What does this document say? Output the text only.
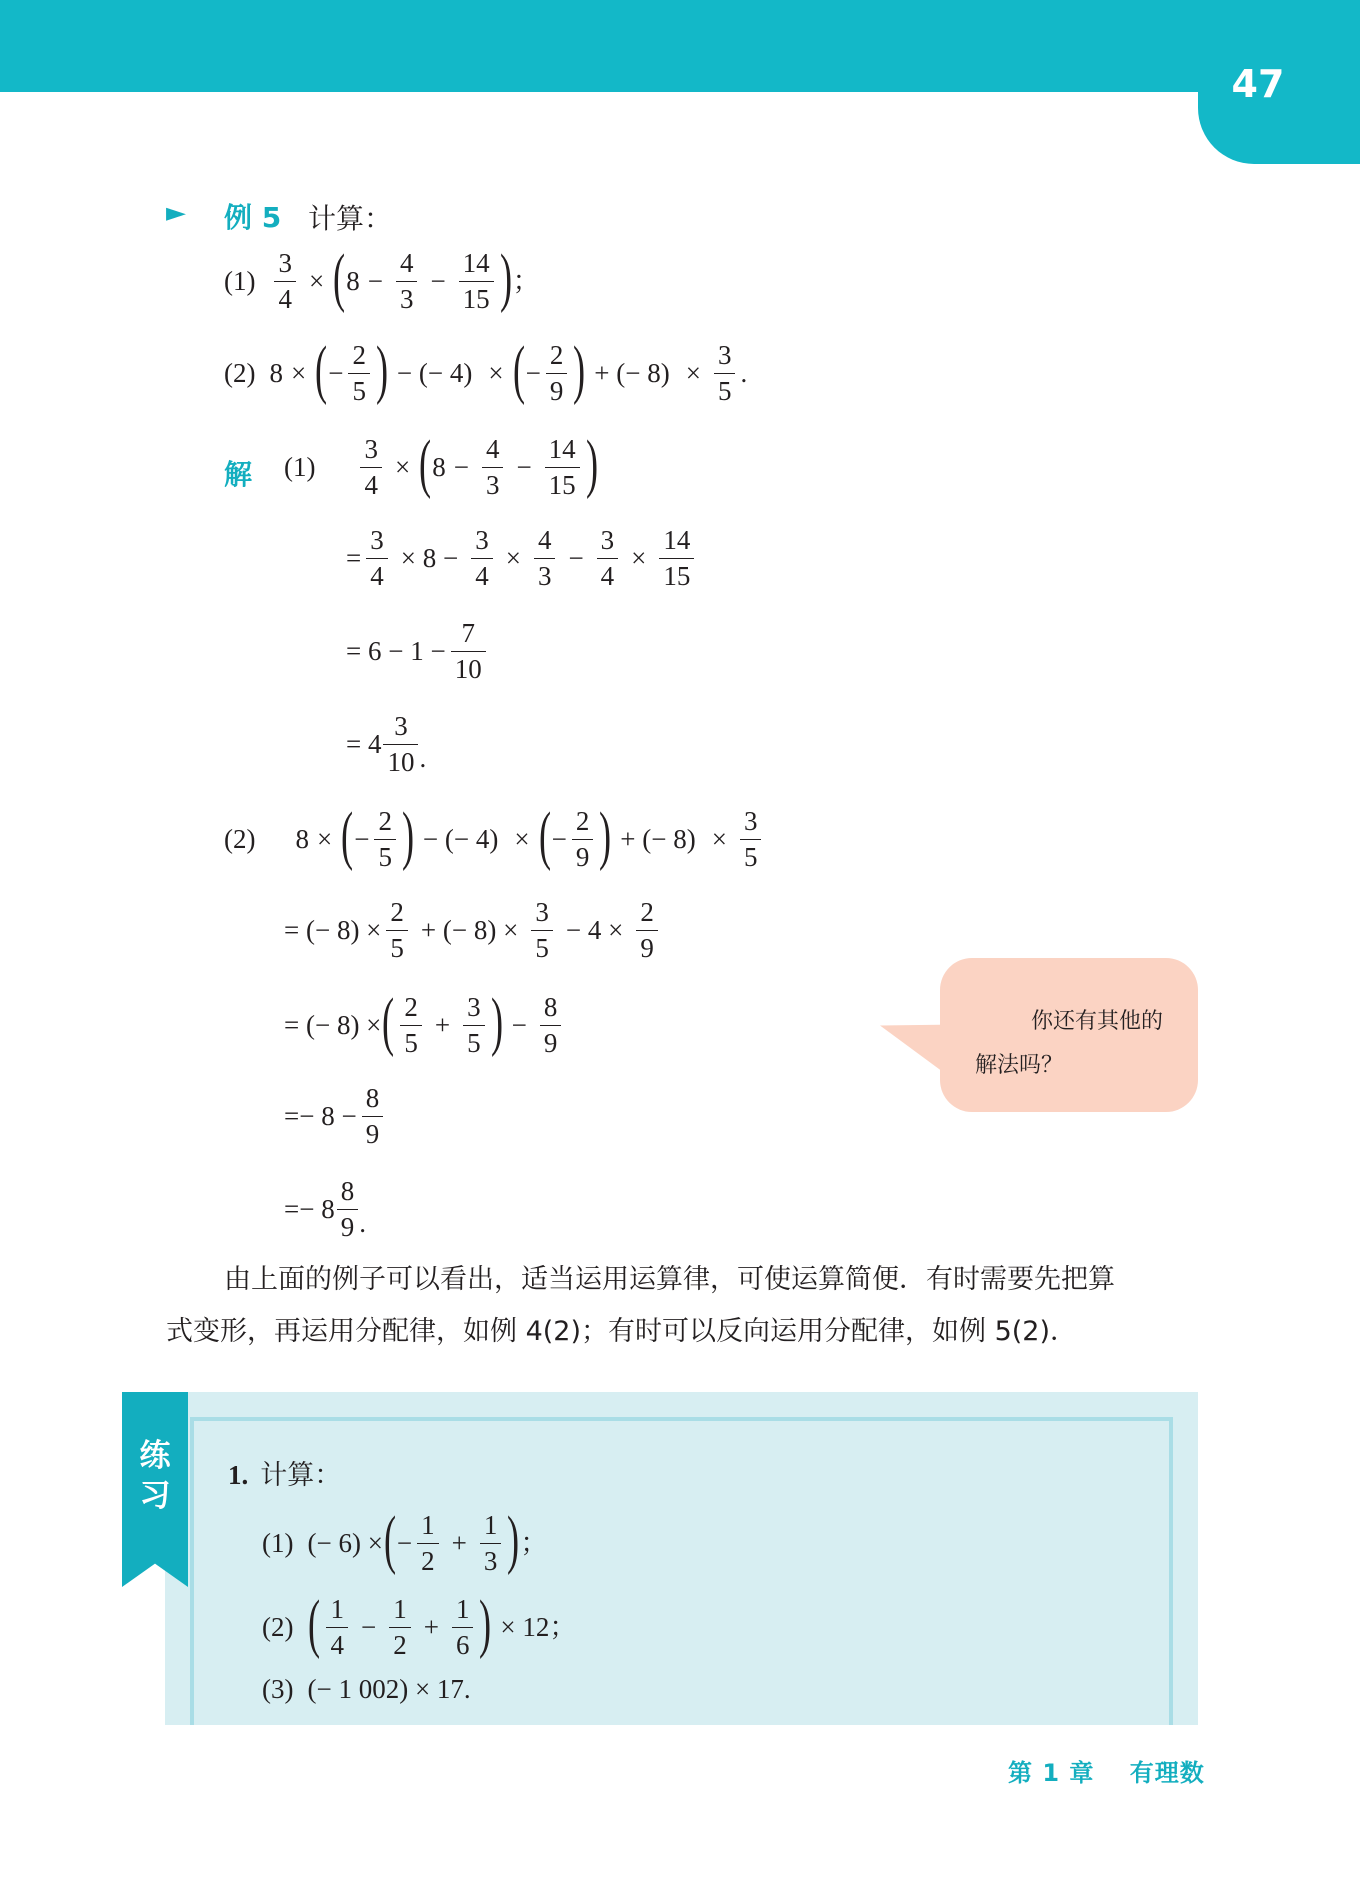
47
► 例 5 计算：
$(1) \frac{3}{4}$ × ( $8 - \frac{4}{3} - \frac{14}{15}$ ) ；
(2) 8 × ( − $\frac{2}{5}$ ) − (− 4) × ( − $\frac{2}{9}$ ) + (− $8) \times \frac{3}{5}$ .
解 $(1) \frac{3}{4}$ × ( $8 - \frac{4}{3} - \frac{14}{15}$ )
= $\frac{3}{4} \times 8 - \frac{3}{4} \times \frac{4}{3} - \frac{3}{4} \times \frac{14}{15}$
= $6 - 1 - \frac{7}{10}$
= $4 \frac{3}{10}$ .
(2) 8 × ( − $\frac{2}{5}$ ) − (− 4) × ( − $\frac{2}{9}$ ) + (− $8) \times \frac{3}{5}$
= (− $8) \times \frac{2}{5}$ + (− $8) \times \frac{3}{5} - 4 \times \frac{2}{9}$
= (− 8) × ( $\frac{2}{5} + \frac{3}{5}$ ) − $\frac{8}{9}$
=− $8 - \frac{8}{9}$
=− $8 \frac{8}{9}$ .
你还有其他的
解法吗？
由上面的例子可以看出，适当运用运算律，可使运算简便．有时需要先把算
式变形，再运用分配律，如例 4(2)；有时可以反向运用分配律，如例 5(2)．
练
习
1. 计算：
(1) (− 6) × ( − $\frac{1}{2} + \frac{1}{3}$ ) ；
(2) ( $\frac{1}{4} - \frac{1}{2} + \frac{1}{6}$ ) × 12；
(3) (− 1 002) × 17.
第 1 章 有理数
